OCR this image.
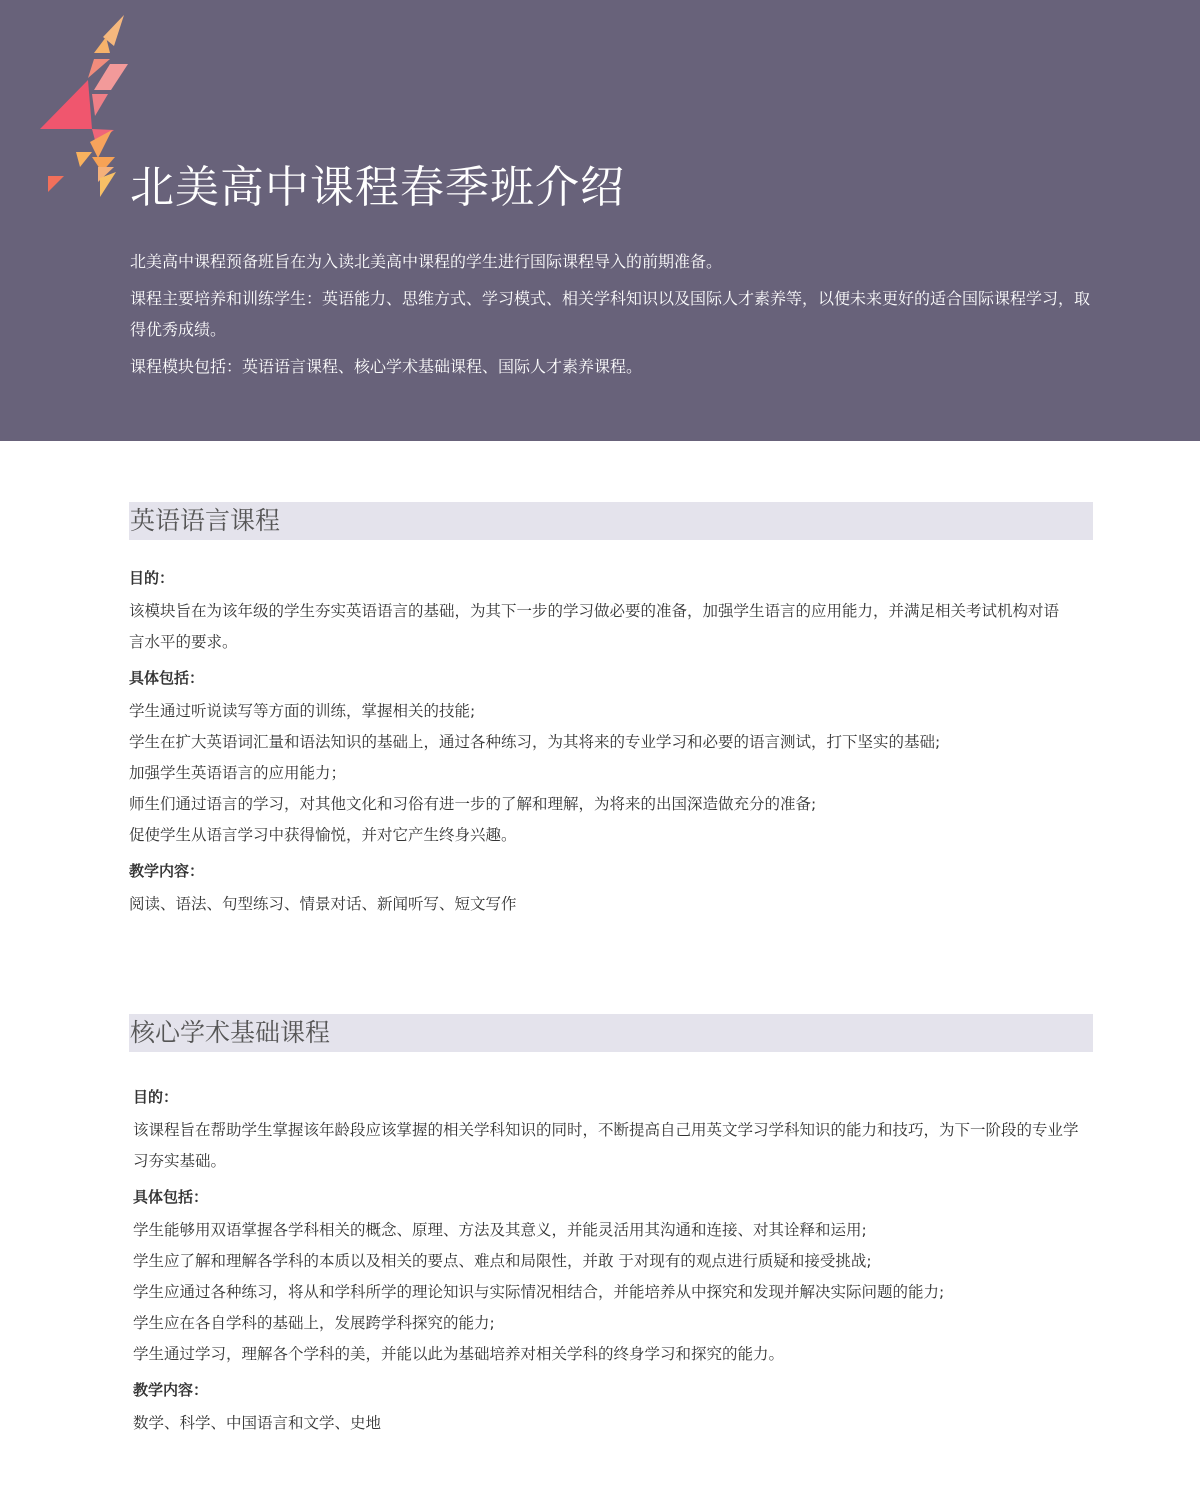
北美高中课程春季班介绍

北美高中课程预备班旨在为入读北美高中课程的学生进行国际课程导入的前期准备。

课程主要培养和训练学生：英语能力、思维方式、学习模式、相关学科知识以及国际人才素养等，以便未来更好的适合国际课程学习，取得优秀成绩。

课程模块包括：英语语言课程、核心学术基础课程、国际人才素养课程。

英语语言课程

目的：

该模块旨在为该年级的学生夯实英语语言的基础，为其下一步的学习做必要的准备，加强学生语言的应用能力，并满足相关考试机构对语言水平的要求。

具体包括：

学生通过听说读写等方面的训练，掌握相关的技能;

学生在扩大英语词汇量和语法知识的基础上，通过各种练习，为其将来的专业学习和必要的语言测试，打下坚实的基础;

加强学生英语语言的应用能力；

师生们通过语言的学习，对其他文化和习俗有进一步的了解和理解，为将来的出国深造做充分的准备;

促使学生从语言学习中获得愉悦，并对它产生终身兴趣。

教学内容：

阅读、语法、句型练习、情景对话、新闻听写、短文写作

核心学术基础课程

目的：

该课程旨在帮助学生掌握该年龄段应该掌握的相关学科知识的同时，不断提高自己用英文学习学科知识的能力和技巧，为下一阶段的专业学习夯实基础。

具体包括：

学生能够用双语掌握各学科相关的概念、原理、方法及其意义，并能灵活用其沟通和连接、对其诠释和运用;

学生应了解和理解各学科的本质以及相关的要点、难点和局限性，并敢 于对现有的观点进行质疑和接受挑战;

学生应通过各种练习，将从和学科所学的理论知识与实际情况相结合，并能培养从中探究和发现并解决实际问题的能力;

学生应在各自学科的基础上，发展跨学科探究的能力;

学生通过学习，理解各个学科的美，并能以此为基础培养对相关学科的终身学习和探究的能力。

教学内容：

数学、科学、中国语言和文学、史地
